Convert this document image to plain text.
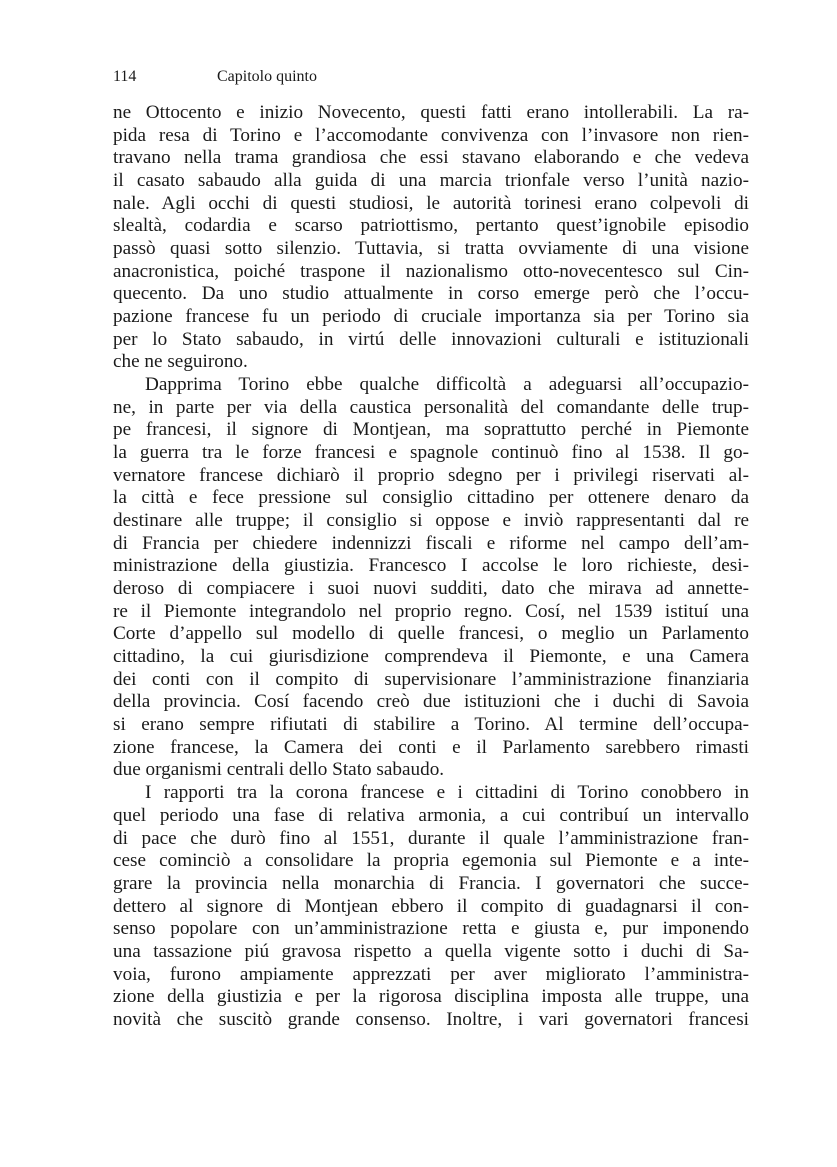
114	Capitolo quinto
ne Ottocento e inizio Novecento, questi fatti erano intollerabili. La ra-
pida resa di Torino e l’accomodante convivenza con l’invasore non rien-
travano nella trama grandiosa che essi stavano elaborando e che vedeva
il casato sabaudo alla guida di una marcia trionfale verso l’unità nazio-
nale. Agli occhi di questi studiosi, le autorità torinesi erano colpevoli di
slealtà, codardia e scarso patriottismo, pertanto quest’ignobile episodio
passò quasi sotto silenzio. Tuttavia, si tratta ovviamente di una visione
anacronistica, poiché traspone il nazionalismo otto-novecentesco sul Cin-
quecento. Da uno studio attualmente in corso emerge però che l’occu-
pazione francese fu un periodo di cruciale importanza sia per Torino sia
per lo Stato sabaudo, in virtú delle innovazioni culturali e istituzionali
che ne seguirono.
Dapprima Torino ebbe qualche difficoltà a adeguarsi all’occupazio-
ne, in parte per via della caustica personalità del comandante delle trup-
pe francesi, il signore di Montjean, ma soprattutto perché in Piemonte
la guerra tra le forze francesi e spagnole continuò fino al 1538. Il go-
vernatore francese dichiarò il proprio sdegno per i privilegi riservati al-
la città e fece pressione sul consiglio cittadino per ottenere denaro da
destinare alle truppe; il consiglio si oppose e inviò rappresentanti dal re
di Francia per chiedere indennizzi fiscali e riforme nel campo dell’am-
ministrazione della giustizia. Francesco I accolse le loro richieste, desi-
deroso di compiacere i suoi nuovi sudditi, dato che mirava ad annette-
re il Piemonte integrandolo nel proprio regno. Cosí, nel 1539 istituí una
Corte d’appello sul modello di quelle francesi, o meglio un Parlamento
cittadino, la cui giurisdizione comprendeva il Piemonte, e una Camera
dei conti con il compito di supervisionare l’amministrazione finanziaria
della provincia. Cosí facendo creò due istituzioni che i duchi di Savoia
si erano sempre rifiutati di stabilire a Torino. Al termine dell’occupa-
zione francese, la Camera dei conti e il Parlamento sarebbero rimasti
due organismi centrali dello Stato sabaudo.
I rapporti tra la corona francese e i cittadini di Torino conobbero in
quel periodo una fase di relativa armonia, a cui contribuí un intervallo
di pace che durò fino al 1551, durante il quale l’amministrazione fran-
cese cominciò a consolidare la propria egemonia sul Piemonte e a inte-
grare la provincia nella monarchia di Francia. I governatori che succe-
dettero al signore di Montjean ebbero il compito di guadagnarsi il con-
senso popolare con un’amministrazione retta e giusta e, pur imponendo
una tassazione piú gravosa rispetto a quella vigente sotto i duchi di Sa-
voia, furono ampiamente apprezzati per aver migliorato l’amministra-
zione della giustizia e per la rigorosa disciplina imposta alle truppe, una
novità che suscitò grande consenso. Inoltre, i vari governatori francesi
